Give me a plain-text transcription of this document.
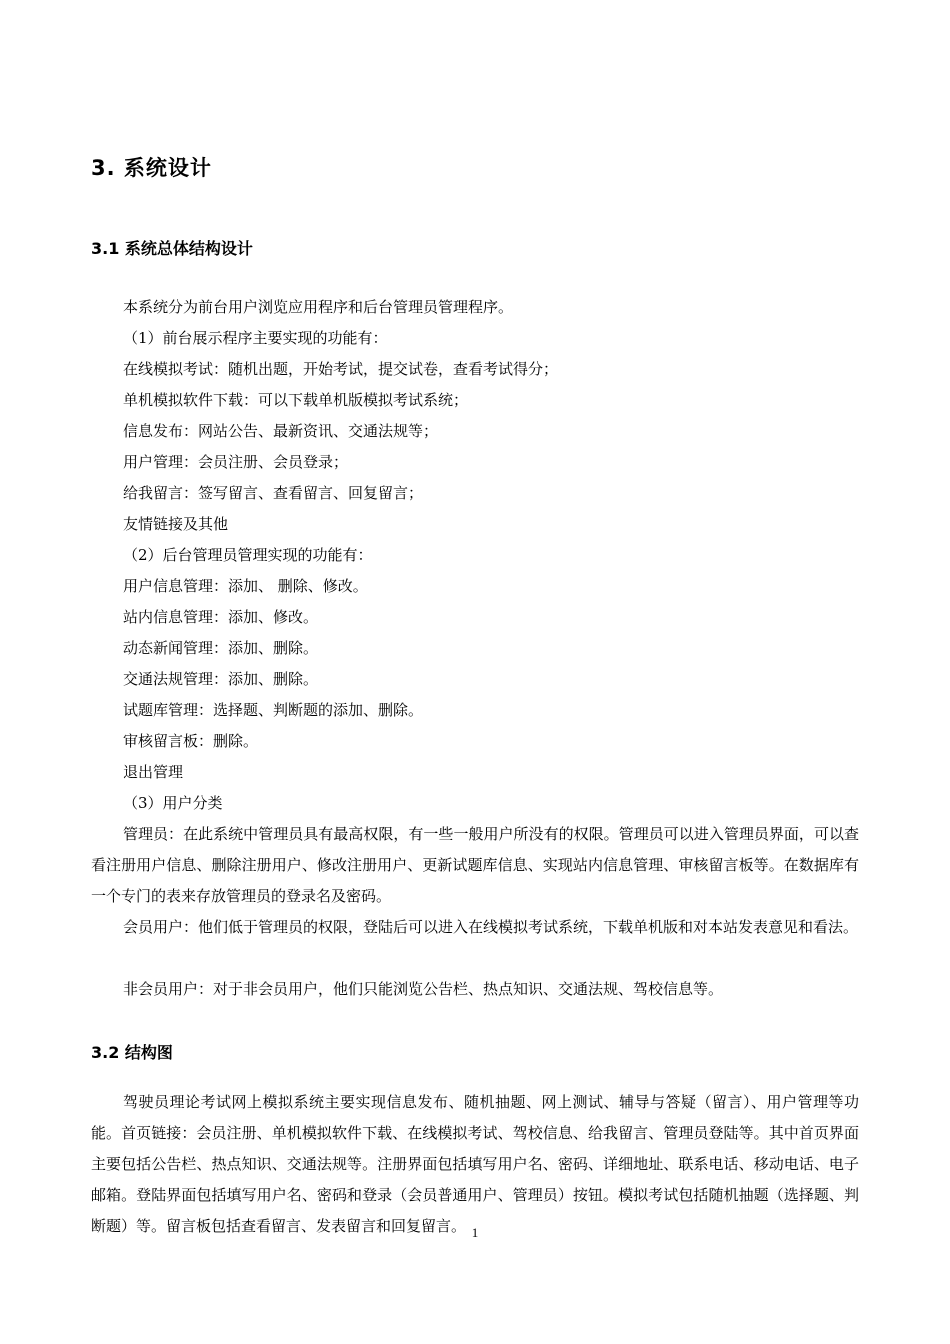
3. 系统设计
3.1 系统总体结构设计

本系统分为前台用户浏览应用程序和后台管理员管理程序。

（1）前台展示程序主要实现的功能有：

在线模拟考试：随机出题，开始考试，提交试卷，查看考试得分；

单机模拟软件下载：可以下载单机版模拟考试系统；

信息发布：网站公告、最新资讯、交通法规等；

用户管理：会员注册、会员登录；

给我留言：签写留言、查看留言、回复留言；

友情链接及其他

（2）后台管理员管理实现的功能有：

用户信息管理：添加、 删除、修改。

站内信息管理：添加、修改。

动态新闻管理：添加、删除。

交通法规管理：添加、删除。

试题库管理：选择题、判断题的添加、删除。

审核留言板：删除。

退出管理

（3）用户分类

管理员：在此系统中管理员具有最高权限，有一些一般用户所没有的权限。管理员可以进入管理员界面，可以查看注册用户信息、删除注册用户、修改注册用户、更新试题库信息、实现站内信息管理、审核留言板等。在数据库有一个专门的表来存放管理员的登录名及密码。

会员用户：他们低于管理员的权限，登陆后可以进入在线模拟考试系统，下载单机版和对本站发表意见和看法。

非会员用户：对于非会员用户，他们只能浏览公告栏、热点知识、交通法规、驾校信息等。

3.2 结构图

驾驶员理论考试网上模拟系统主要实现信息发布、随机抽题、网上测试、辅导与答疑（留言）、用户管理等功能。首页链接：会员注册、单机模拟软件下载、在线模拟考试、驾校信息、给我留言、管理员登陆等。其中首页界面主要包括公告栏、热点知识、交通法规等。注册界面包括填写用户名、密码、详细地址、联系电话、移动电话、电子邮箱。登陆界面包括填写用户名、密码和登录（会员普通用户、管理员）按钮。模拟考试包括随机抽题（选择题、判断题）等。留言板包括查看留言、发表留言和回复留言。 1
